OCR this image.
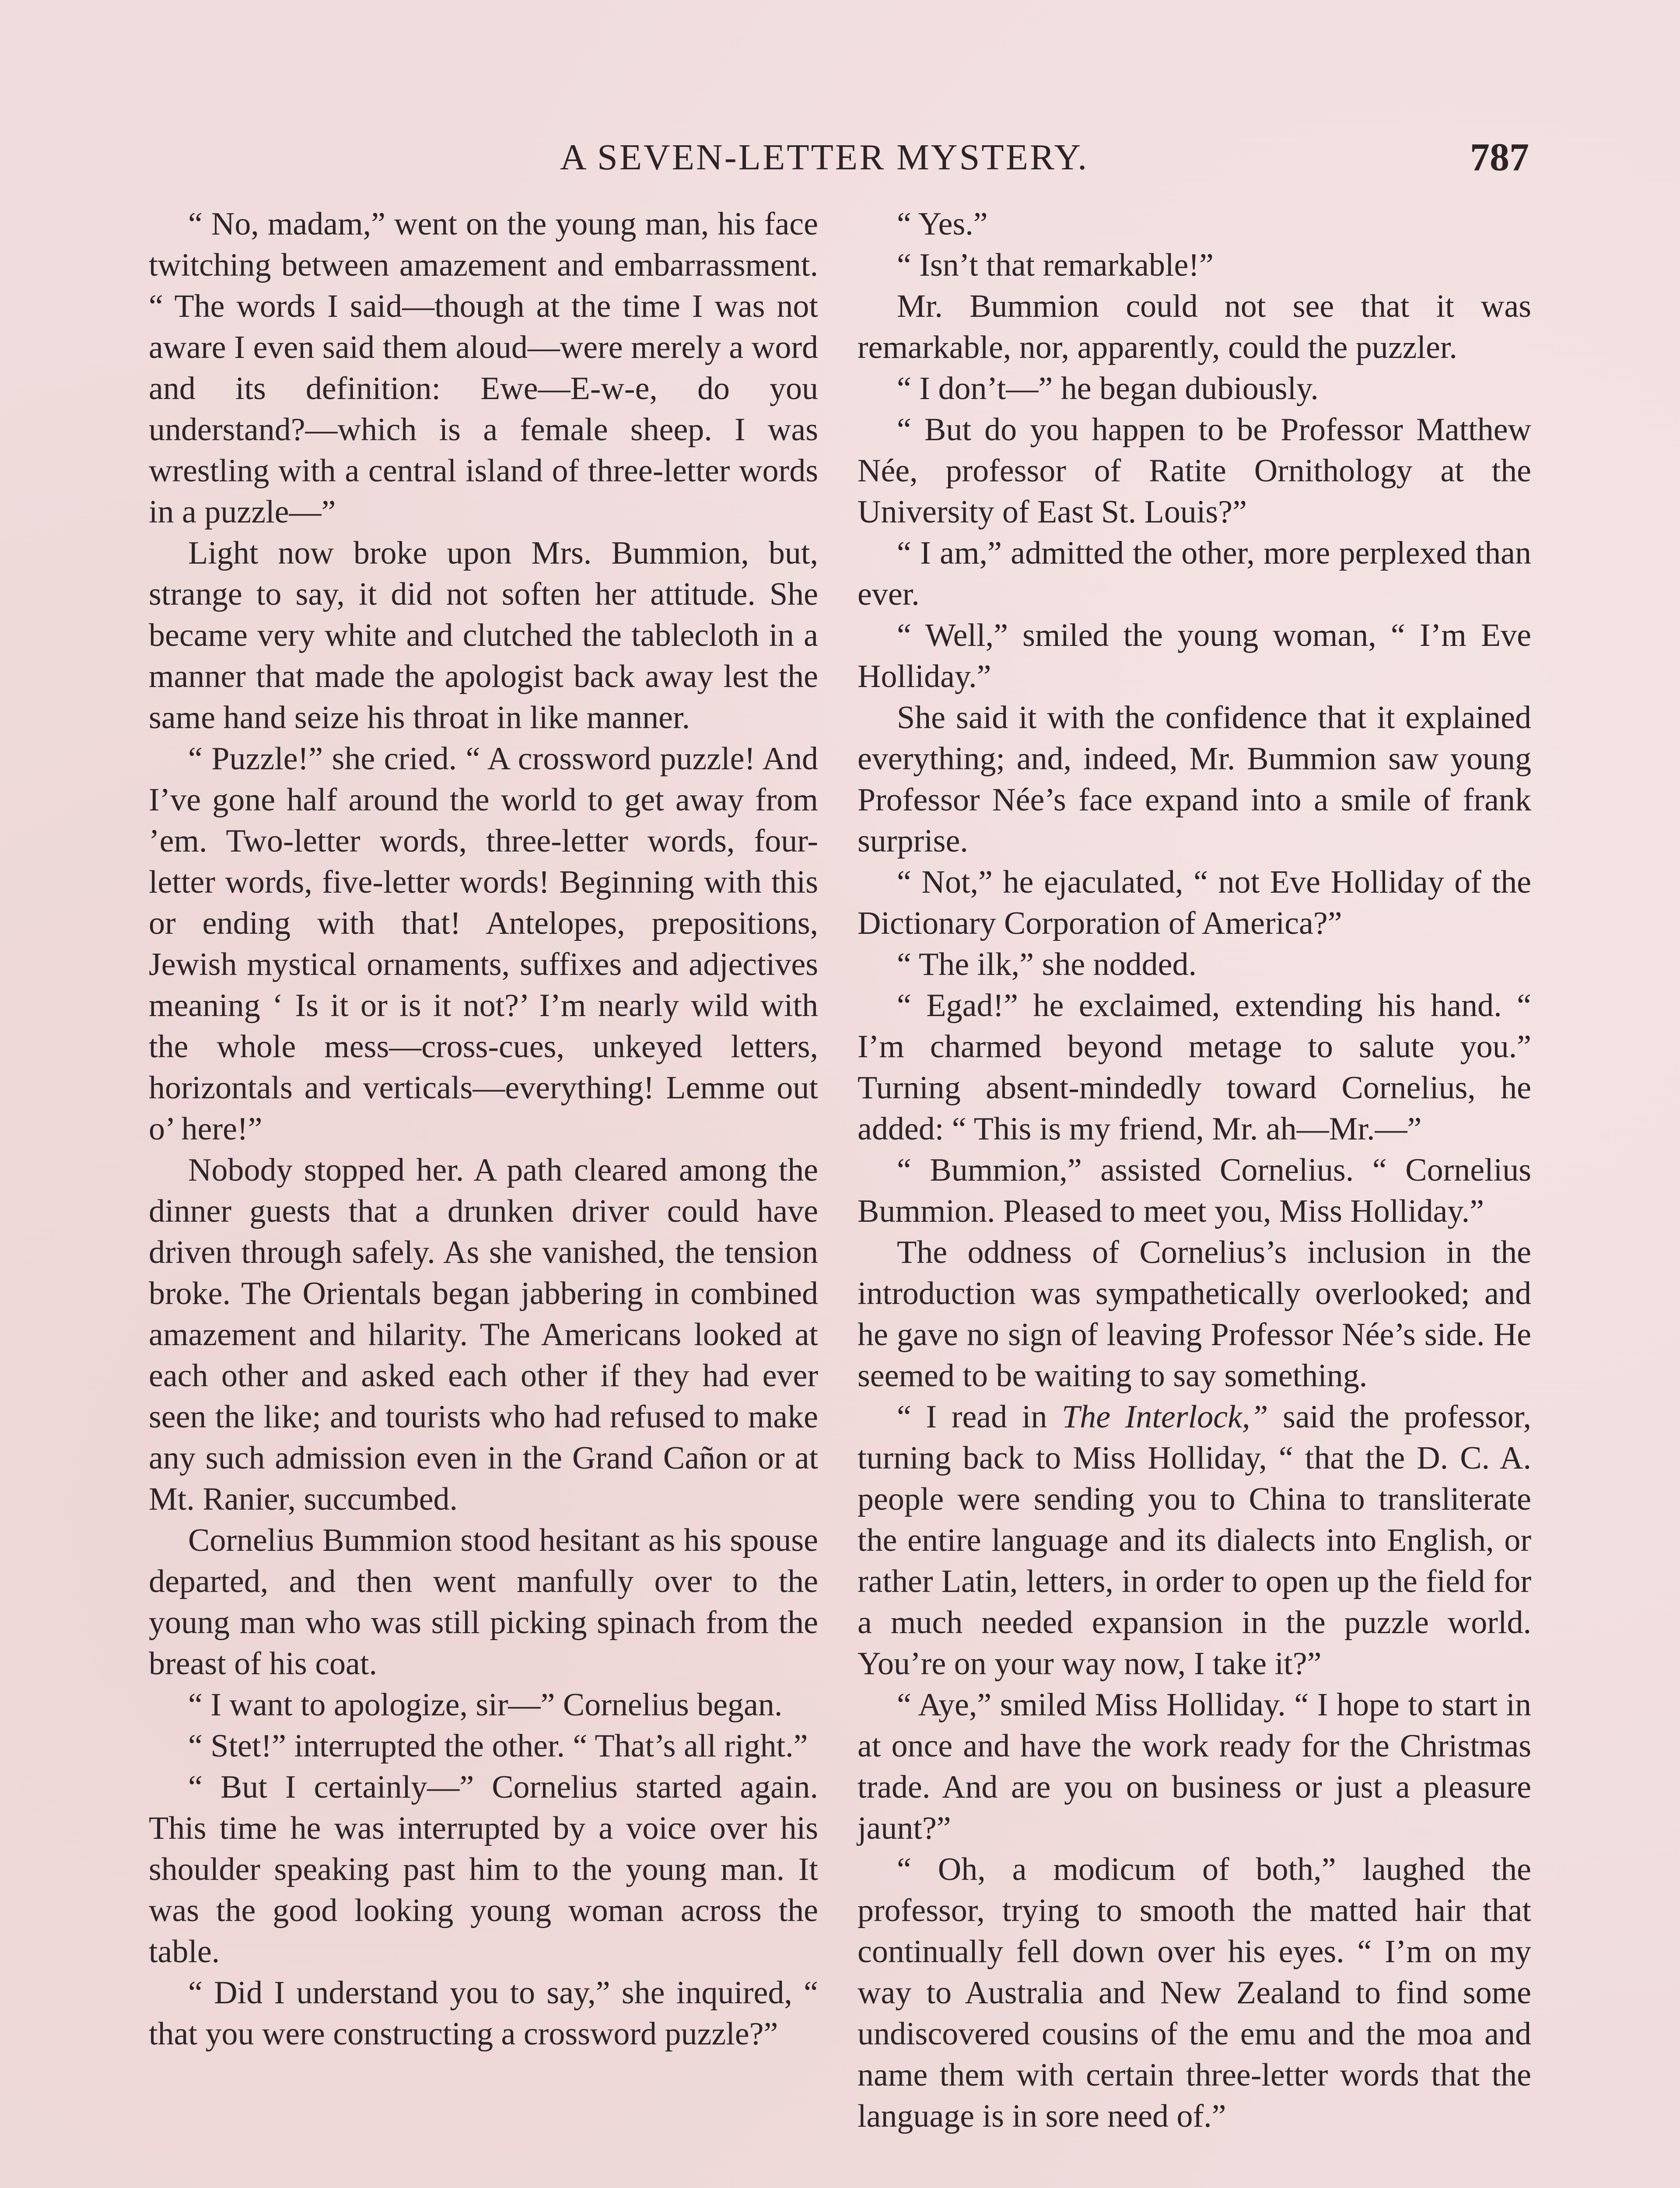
A SEVEN-LETTER MYSTERY.	787

“ No, madam,” went on the young man, his face twitching between amazement and embarrassment. “ The words I said—though at the time I was not aware I even said them aloud—were merely a word and its definition: Ewe—E-w-e, do you understand?—which is a female sheep. I was wrestling with a central island of three-letter words in a puzzle—”

Light now broke upon Mrs. Bummion, but, strange to say, it did not soften her attitude. She became very white and clutched the tablecloth in a manner that made the apologist back away lest the same hand seize his throat in like manner.

“ Puzzle!” she cried. “ A crossword puzzle! And I’ve gone half around the world to get away from ’em. Two-letter words, three-letter words, four-letter words, five-letter words! Beginning with this or ending with that! Antelopes, prepositions, Jewish mystical ornaments, suffixes and adjectives meaning ‘ Is it or is it not?’ I’m nearly wild with the whole mess—cross-cues, unkeyed letters, horizontals and verticals—everything! Lemme out o’ here!”

Nobody stopped her. A path cleared among the dinner guests that a drunken driver could have driven through safely. As she vanished, the tension broke. The Orientals began jabbering in combined amazement and hilarity. The Americans looked at each other and asked each other if they had ever seen the like; and tourists who had refused to make any such admission even in the Grand Cañon or at Mt. Ranier, succumbed.

Cornelius Bummion stood hesitant as his spouse departed, and then went manfully over to the young man who was still picking spinach from the breast of his coat.

“ I want to apologize, sir—” Cornelius began.

“ Stet!” interrupted the other. “ That’s all right.”

“ But I certainly—” Cornelius started again. This time he was interrupted by a voice over his shoulder speaking past him to the young man. It was the good looking young woman across the table.

“ Did I understand you to say,” she inquired, “ that you were constructing a crossword puzzle?”

“ Yes.”

“ Isn’t that remarkable!”

Mr. Bummion could not see that it was remarkable, nor, apparently, could the puzzler.

“ I don’t—” he began dubiously.

“ But do you happen to be Professor Matthew Née, professor of Ratite Ornithology at the University of East St. Louis?”

“ I am,” admitted the other, more perplexed than ever.

“ Well,” smiled the young woman, “ I’m Eve Holliday.”

She said it with the confidence that it explained everything; and, indeed, Mr. Bummion saw young Professor Née’s face expand into a smile of frank surprise.

“ Not,” he ejaculated, “ not Eve Holliday of the Dictionary Corporation of America?”

“ The ilk,” she nodded.

“ Egad!” he exclaimed, extending his hand. “ I’m charmed beyond metage to salute you.” Turning absent-mindedly toward Cornelius, he added: “ This is my friend, Mr. ah—Mr.—”

“ Bummion,” assisted Cornelius. “ Cornelius Bummion. Pleased to meet you, Miss Holliday.”

The oddness of Cornelius’s inclusion in the introduction was sympathetically overlooked; and he gave no sign of leaving Professor Née’s side. He seemed to be waiting to say something.

“ I read in The Interlock,” said the professor, turning back to Miss Holliday, “ that the D. C. A. people were sending you to China to transliterate the entire language and its dialects into English, or rather Latin, letters, in order to open up the field for a much needed expansion in the puzzle world. You’re on your way now, I take it?”

“ Aye,” smiled Miss Holliday. “ I hope to start in at once and have the work ready for the Christmas trade. And are you on business or just a pleasure jaunt?”

“ Oh, a modicum of both,” laughed the professor, trying to smooth the matted hair that continually fell down over his eyes. “ I’m on my way to Australia and New Zealand to find some undiscovered cousins of the emu and the moa and name them with certain three-letter words that the language is in sore need of.”
